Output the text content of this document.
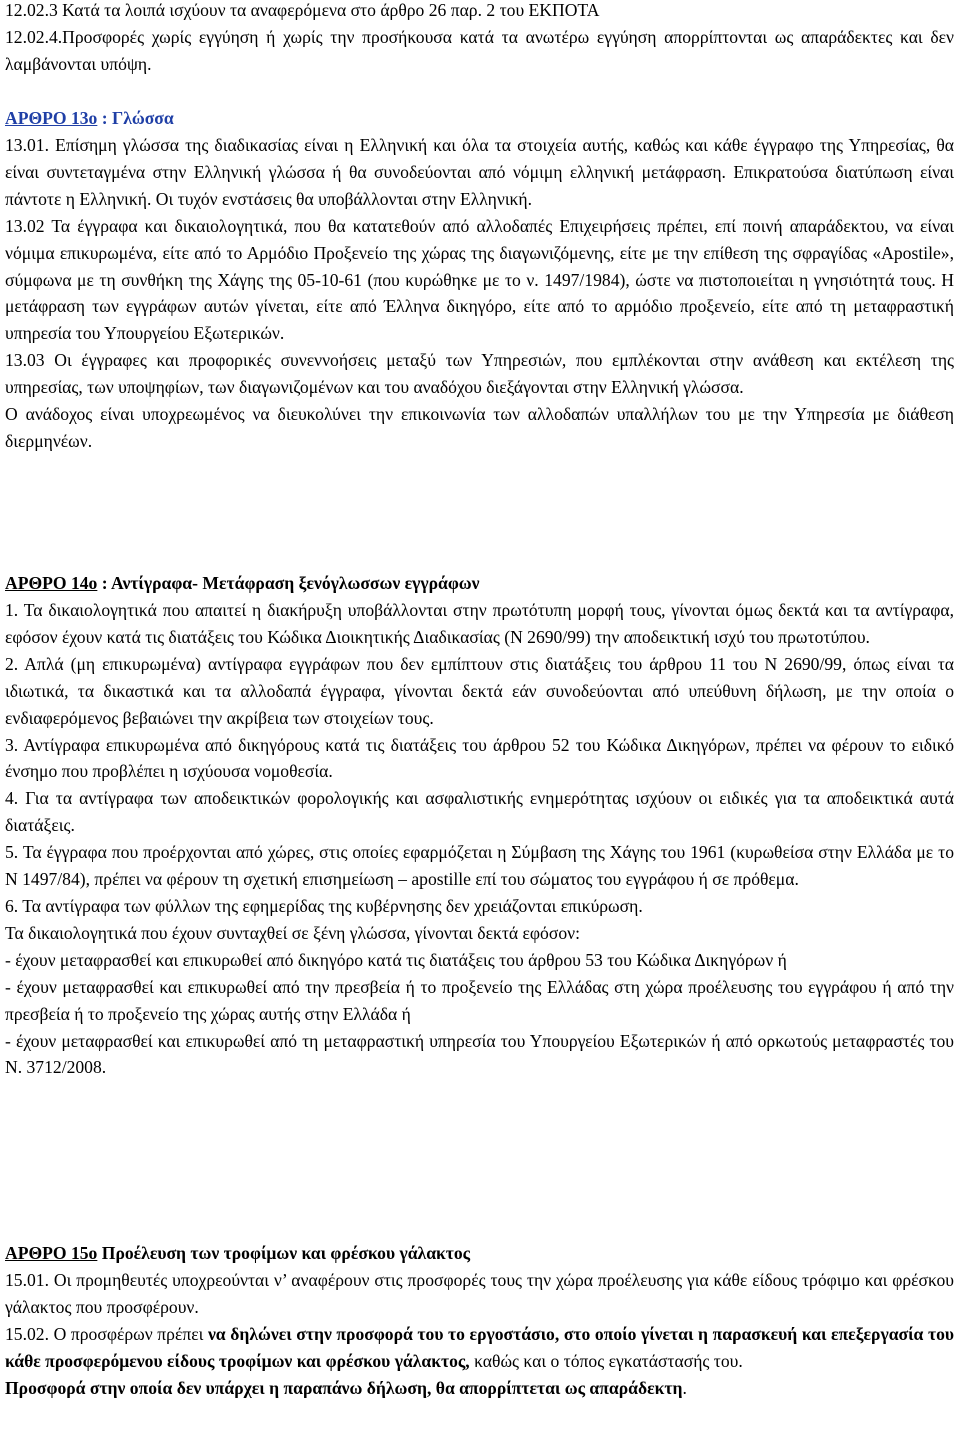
12.02.3 Κατά τα λοιπά ισχύουν τα αναφερόμενα στο άρθρο 26 παρ. 2 του ΕΚΠΟΤΑ

12.02.4.Προσφορές χωρίς εγγύηση ή χωρίς την προσήκουσα κατά τα ανωτέρω εγγύηση απορρίπτονται ως απαράδεκτες και δεν λαμβάνονται υπόψη.

ΑΡΘΡΟ 13ο : Γλώσσα

13.01. Επίσημη γλώσσα της διαδικασίας είναι η Ελληνική και όλα τα στοιχεία αυτής, καθώς και κάθε έγγραφο της Υπηρεσίας, θα είναι συντεταγμένα στην Ελληνική γλώσσα ή θα συνοδεύονται από νόμιμη ελληνική μετάφραση. Επικρατούσα διατύπωση είναι πάντοτε η Ελληνική. Οι τυχόν ενστάσεις θα υποβάλλονται στην Ελληνική.

13.02 Τα έγγραφα και δικαιολογητικά, που θα κατατεθούν από αλλοδαπές Επιχειρήσεις πρέπει, επί ποινή απαράδεκτου, να είναι νόμιμα επικυρωμένα, είτε από το Αρμόδιο Προξενείο της χώρας της διαγωνιζόμενης, είτε με την επίθεση της σφραγίδας «Apostile», σύμφωνα με τη συνθήκη της Χάγης της 05-10-61 (που κυρώθηκε με το ν. 1497/1984), ώστε να πιστοποιείται η γνησιότητά τους. Η μετάφραση των εγγράφων αυτών γίνεται, είτε από Έλληνα δικηγόρο, είτε από το αρμόδιο προξενείο, είτε από τη μεταφραστική υπηρεσία του Υπουργείου Εξωτερικών.

13.03 Οι έγγραφες και προφορικές συνεννοήσεις μεταξύ των Υπηρεσιών, που εμπλέκονται στην ανάθεση και εκτέλεση της υπηρεσίας, των υποψηφίων, των διαγωνιζομένων και του αναδόχου διεξάγονται στην Ελληνική γλώσσα.

Ο ανάδοχος είναι υποχρεωμένος να διευκολύνει την επικοινωνία των αλλοδαπών υπαλλήλων του με την Υπηρεσία με διάθεση διερμηνέων.

ΑΡΘΡΟ 14ο : Αντίγραφα- Μετάφραση ξενόγλωσσων εγγράφων

1. Τα δικαιολογητικά που απαιτεί η διακήρυξη υποβάλλονται στην πρωτότυπη μορφή τους, γίνονται όμως δεκτά και τα αντίγραφα, εφόσον έχουν κατά τις διατάξεις του Κώδικα Διοικητικής Διαδικασίας (Ν 2690/99) την αποδεικτική ισχύ του πρωτοτύπου.

2. Απλά (μη επικυρωμένα) αντίγραφα εγγράφων που δεν εμπίπτουν στις διατάξεις του άρθρου 11 του Ν 2690/99, όπως είναι τα ιδιωτικά, τα δικαστικά και τα αλλοδαπά έγγραφα, γίνονται δεκτά εάν συνοδεύονται από υπεύθυνη δήλωση, με την οποία ο ενδιαφερόμενος βεβαιώνει την ακρίβεια των στοιχείων τους.

3. Αντίγραφα επικυρωμένα από δικηγόρους κατά τις διατάξεις του άρθρου 52 του Κώδικα Δικηγόρων, πρέπει να φέρουν το ειδικό ένσημο που προβλέπει η ισχύουσα νομοθεσία.

4. Για τα αντίγραφα των αποδεικτικών φορολογικής και ασφαλιστικής ενημερότητας ισχύουν οι ειδικές για τα αποδεικτικά αυτά διατάξεις.

5. Τα έγγραφα που προέρχονται από χώρες, στις οποίες εφαρμόζεται η Σύμβαση της Χάγης του 1961 (κυρωθείσα στην Ελλάδα με το Ν 1497/84), πρέπει να φέρουν τη σχετική επισημείωση – apostille επί του σώματος του εγγράφου ή σε πρόθεμα.

6. Τα αντίγραφα των φύλλων της εφημερίδας της κυβέρνησης δεν χρειάζονται επικύρωση.

Τα δικαιολογητικά που έχουν συνταχθεί σε ξένη γλώσσα, γίνονται δεκτά εφόσον:

- έχουν μεταφρασθεί και επικυρωθεί από δικηγόρο κατά τις διατάξεις του άρθρου 53 του Κώδικα Δικηγόρων ή

- έχουν μεταφρασθεί και επικυρωθεί από την πρεσβεία ή το προξενείο της Ελλάδας στη χώρα προέλευσης του εγγράφου ή από την πρεσβεία ή το προξενείο της χώρας αυτής στην Ελλάδα ή

- έχουν μεταφρασθεί και επικυρωθεί από τη μεταφραστική υπηρεσία του Υπουργείου Εξωτερικών ή από ορκωτούς μεταφραστές του Ν. 3712/2008.

ΑΡΘΡΟ 15ο Προέλευση των τροφίμων και φρέσκου γάλακτος

15.01. Οι προμηθευτές υποχρεούνται ν’ αναφέρουν στις προσφορές τους την χώρα προέλευσης για κάθε είδους τρόφιμο και φρέσκου γάλακτος που προσφέρουν.

15.02. Ο προσφέρων πρέπει να δηλώνει στην προσφορά του το εργοστάσιο, στο οποίο γίνεται η παρασκευή και επεξεργασία του κάθε προσφερόμενου είδους τροφίμων και φρέσκου γάλακτος, καθώς και ο τόπος εγκατάστασής του.

Προσφορά στην οποία δεν υπάρχει η παραπάνω δήλωση, θα απορρίπτεται ως απαράδεκτη.
